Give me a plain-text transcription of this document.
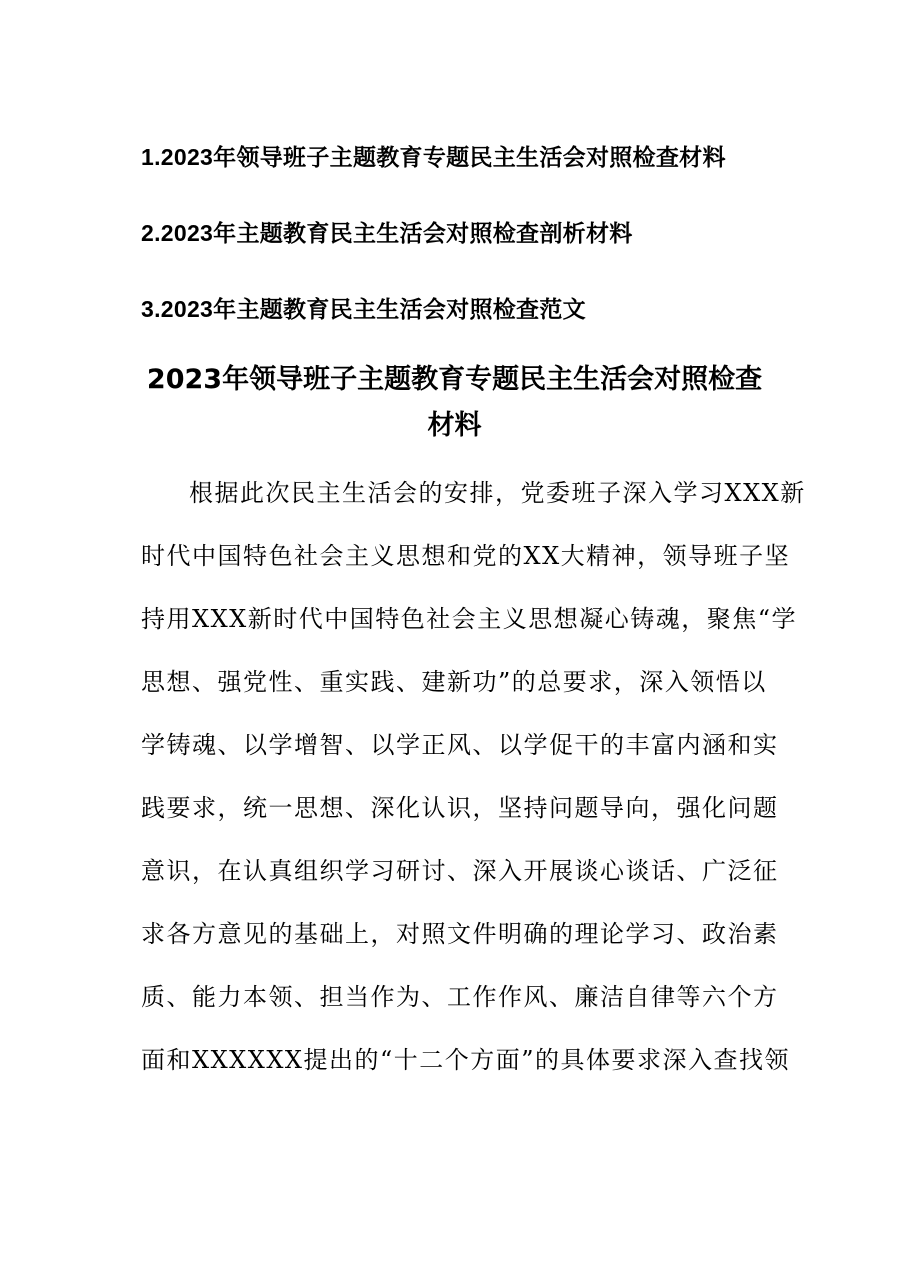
1.2023年领导班子主题教育专题民主生活会对照检查材料
2.2023年主题教育民主生活会对照检查剖析材料
3.2023年主题教育民主生活会对照检查范文
2023年领导班子主题教育专题民主生活会对照检查
材料
根据此次民主生活会的安排，党委班子深入学习XXX新
时代中国特色社会主义思想和党的XX大精神，领导班子坚
持用XXX新时代中国特色社会主义思想凝心铸魂，聚焦“学
思想、强党性、重实践、建新功”的总要求，深入领悟以
学铸魂、以学增智、以学正风、以学促干的丰富内涵和实
践要求，统一思想、深化认识，坚持问题导向，强化问题
意识，在认真组织学习研讨、深入开展谈心谈话、广泛征
求各方意见的基础上，对照文件明确的理论学习、政治素
质、能力本领、担当作为、工作作风、廉洁自律等六个方
面和XXXXXX提出的“十二个方面”的具体要求深入查找领
